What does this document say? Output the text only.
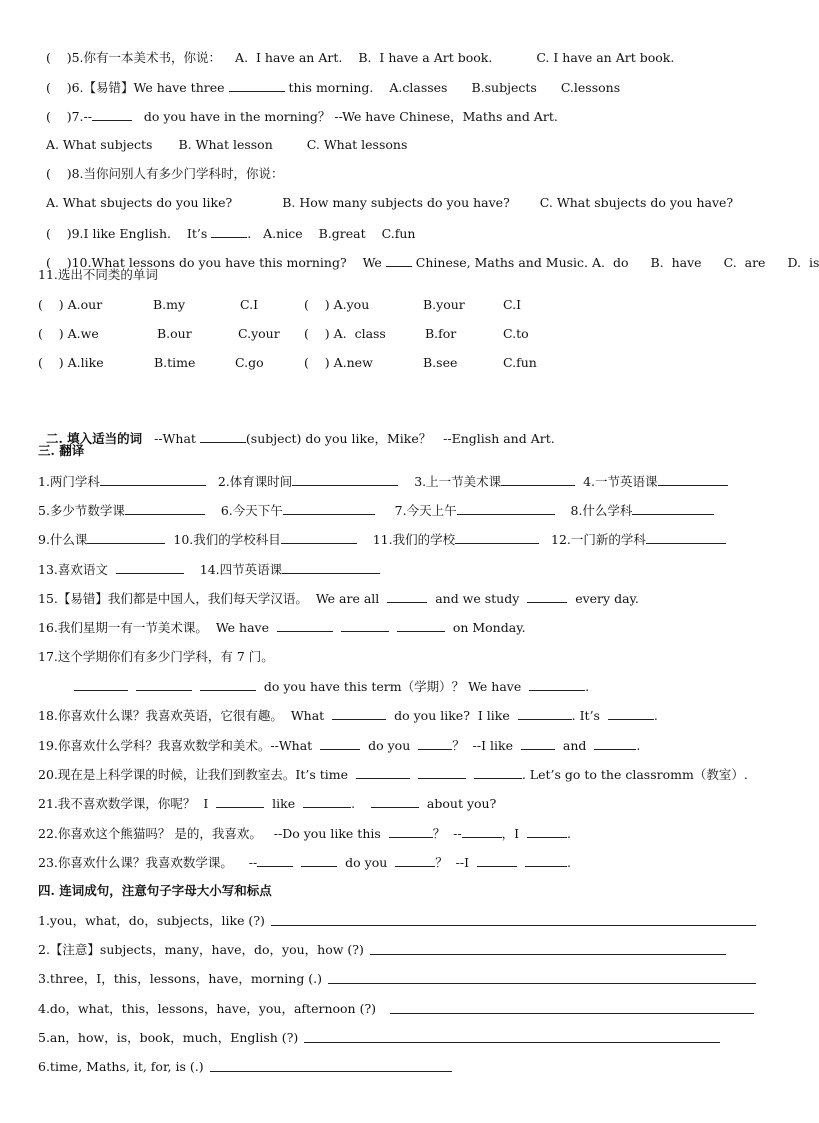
(    )5.你有一本美术书，你说： A.  I have an Art. B.  I have a Art book.	C. I have an Art book.

(    )6.【易错】We have three	this morning. A.classes B.subjects C.lessons

(    )7.--	do you have in the morning？ --We have Chinese，Maths and Art.

A. What subjects B. What lesson	C. What lessons

(    )8.当你问别人有多少门学科时，你说：

A. What sbujects do you like?	B. How many subjects do you have? C. What sbujects do you have?

(    )9.I like English.    It’s	.   A.nice B.great C.fun

(    )10.What lessons do you have this morning?    We	Chinese, Maths and Music. A.  do B.  have C.  are D.  is

11.选出不同类的单词
(    ) A.our	B.my	C.I	(    ) A.you	B.your	C.I
(    ) A.we	B.our	C.your (    ) A.  class	B.for	C.to
(    ) A.like	B.time	C.go	(    ) A.new	B.see	C.fun

二. 填入适当的词 --What	(subject) do you like，Mike？   --English and Art.

三. 翻译
1.两门学科	2.体育课时间	3.上一节美术课	4.一节英语课
5.多少节数学课	6.今天下午	7.今天上午	8.什么学科
9.什么课	10.我们的学校科目	11.我们的学校	12.一门新的学科
13.喜欢语文	14.四节英语课
15.【易错】我们都是中国人，我们每天学汉语。  We are all	and we study	every day.
16.我们星期一有一节美术课。  We have	on Monday.
17.这个学期你们有多少门学科，有 7 门。
do you have this term（学期）？ We have	.
18.你喜欢什么课？我喜欢英语，它很有趣。  What	do you like?  I like	. It’s	.
19.你喜欢什么学科？我喜欢数学和美术。--What	do you	？  --I like	and	.
20.现在是上科学课的时候，让我们到教室去。It’s time	. Let’s go to the classromm（教室）.
21.我不喜欢数学课，你呢？  I	like	.	about you?
22.你喜欢这个熊猫吗？ 是的，我喜欢。   --Do you like this	？  --	，I	.
23.你喜欢什么课？我喜欢数学课。    --	do you	？  --I	.
四. 连词成句，注意句子字母大小写和标点
1.you，what，do，subjects，like (?)
2.【注意】subjects，many，have，do，you，how (?)
3.three，I，this，lessons，have，morning (.)
4.do，what，this，lessons，have，you，afternoon (?)
5.an，how，is，book，much，English (?)
6.time, Maths, it, for, is (.)
